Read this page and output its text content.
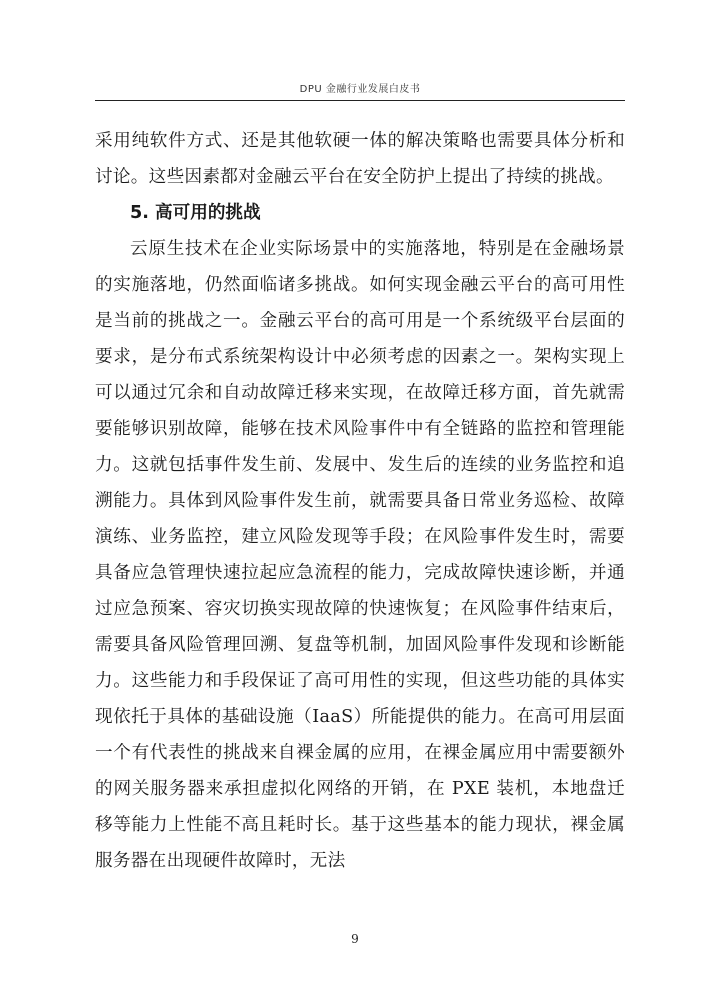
DPU 金融行业发展白皮书

采用纯软件方式、还是其他软硬一体的解决策略也需要具体分析和讨论。这些因素都对金融云平台在安全防护上提出了持续的挑战。

5. 高可用的挑战

云原生技术在企业实际场景中的实施落地，特别是在金融场景的实施落地，仍然面临诸多挑战。如何实现金融云平台的高可用性是当前的挑战之一。金融云平台的高可用是一个系统级平台层面的要求，是分布式系统架构设计中必须考虑的因素之一。架构实现上可以通过冗余和自动故障迁移来实现，在故障迁移方面，首先就需要能够识别故障，能够在技术风险事件中有全链路的监控和管理能力。这就包括事件发生前、发展中、发生后的连续的业务监控和追溯能力。具体到风险事件发生前，就需要具备日常业务巡检、故障演练、业务监控，建立风险发现等手段；在风险事件发生时，需要具备应急管理快速拉起应急流程的能力，完成故障快速诊断，并通过应急预案、容灾切换实现故障的快速恢复；在风险事件结束后，需要具备风险管理回溯、复盘等机制，加固风险事件发现和诊断能力。这些能力和手段保证了高可用性的实现，但这些功能的具体实现依托于具体的基础设施（IaaS）所能提供的能力。在高可用层面一个有代表性的挑战来自裸金属的应用，在裸金属应用中需要额外的网关服务器来承担虚拟化网络的开销，在 PXE 装机，本地盘迁移等能力上性能不高且耗时长。基于这些基本的能力现状，裸金属服务器在出现硬件故障时，无法

9
